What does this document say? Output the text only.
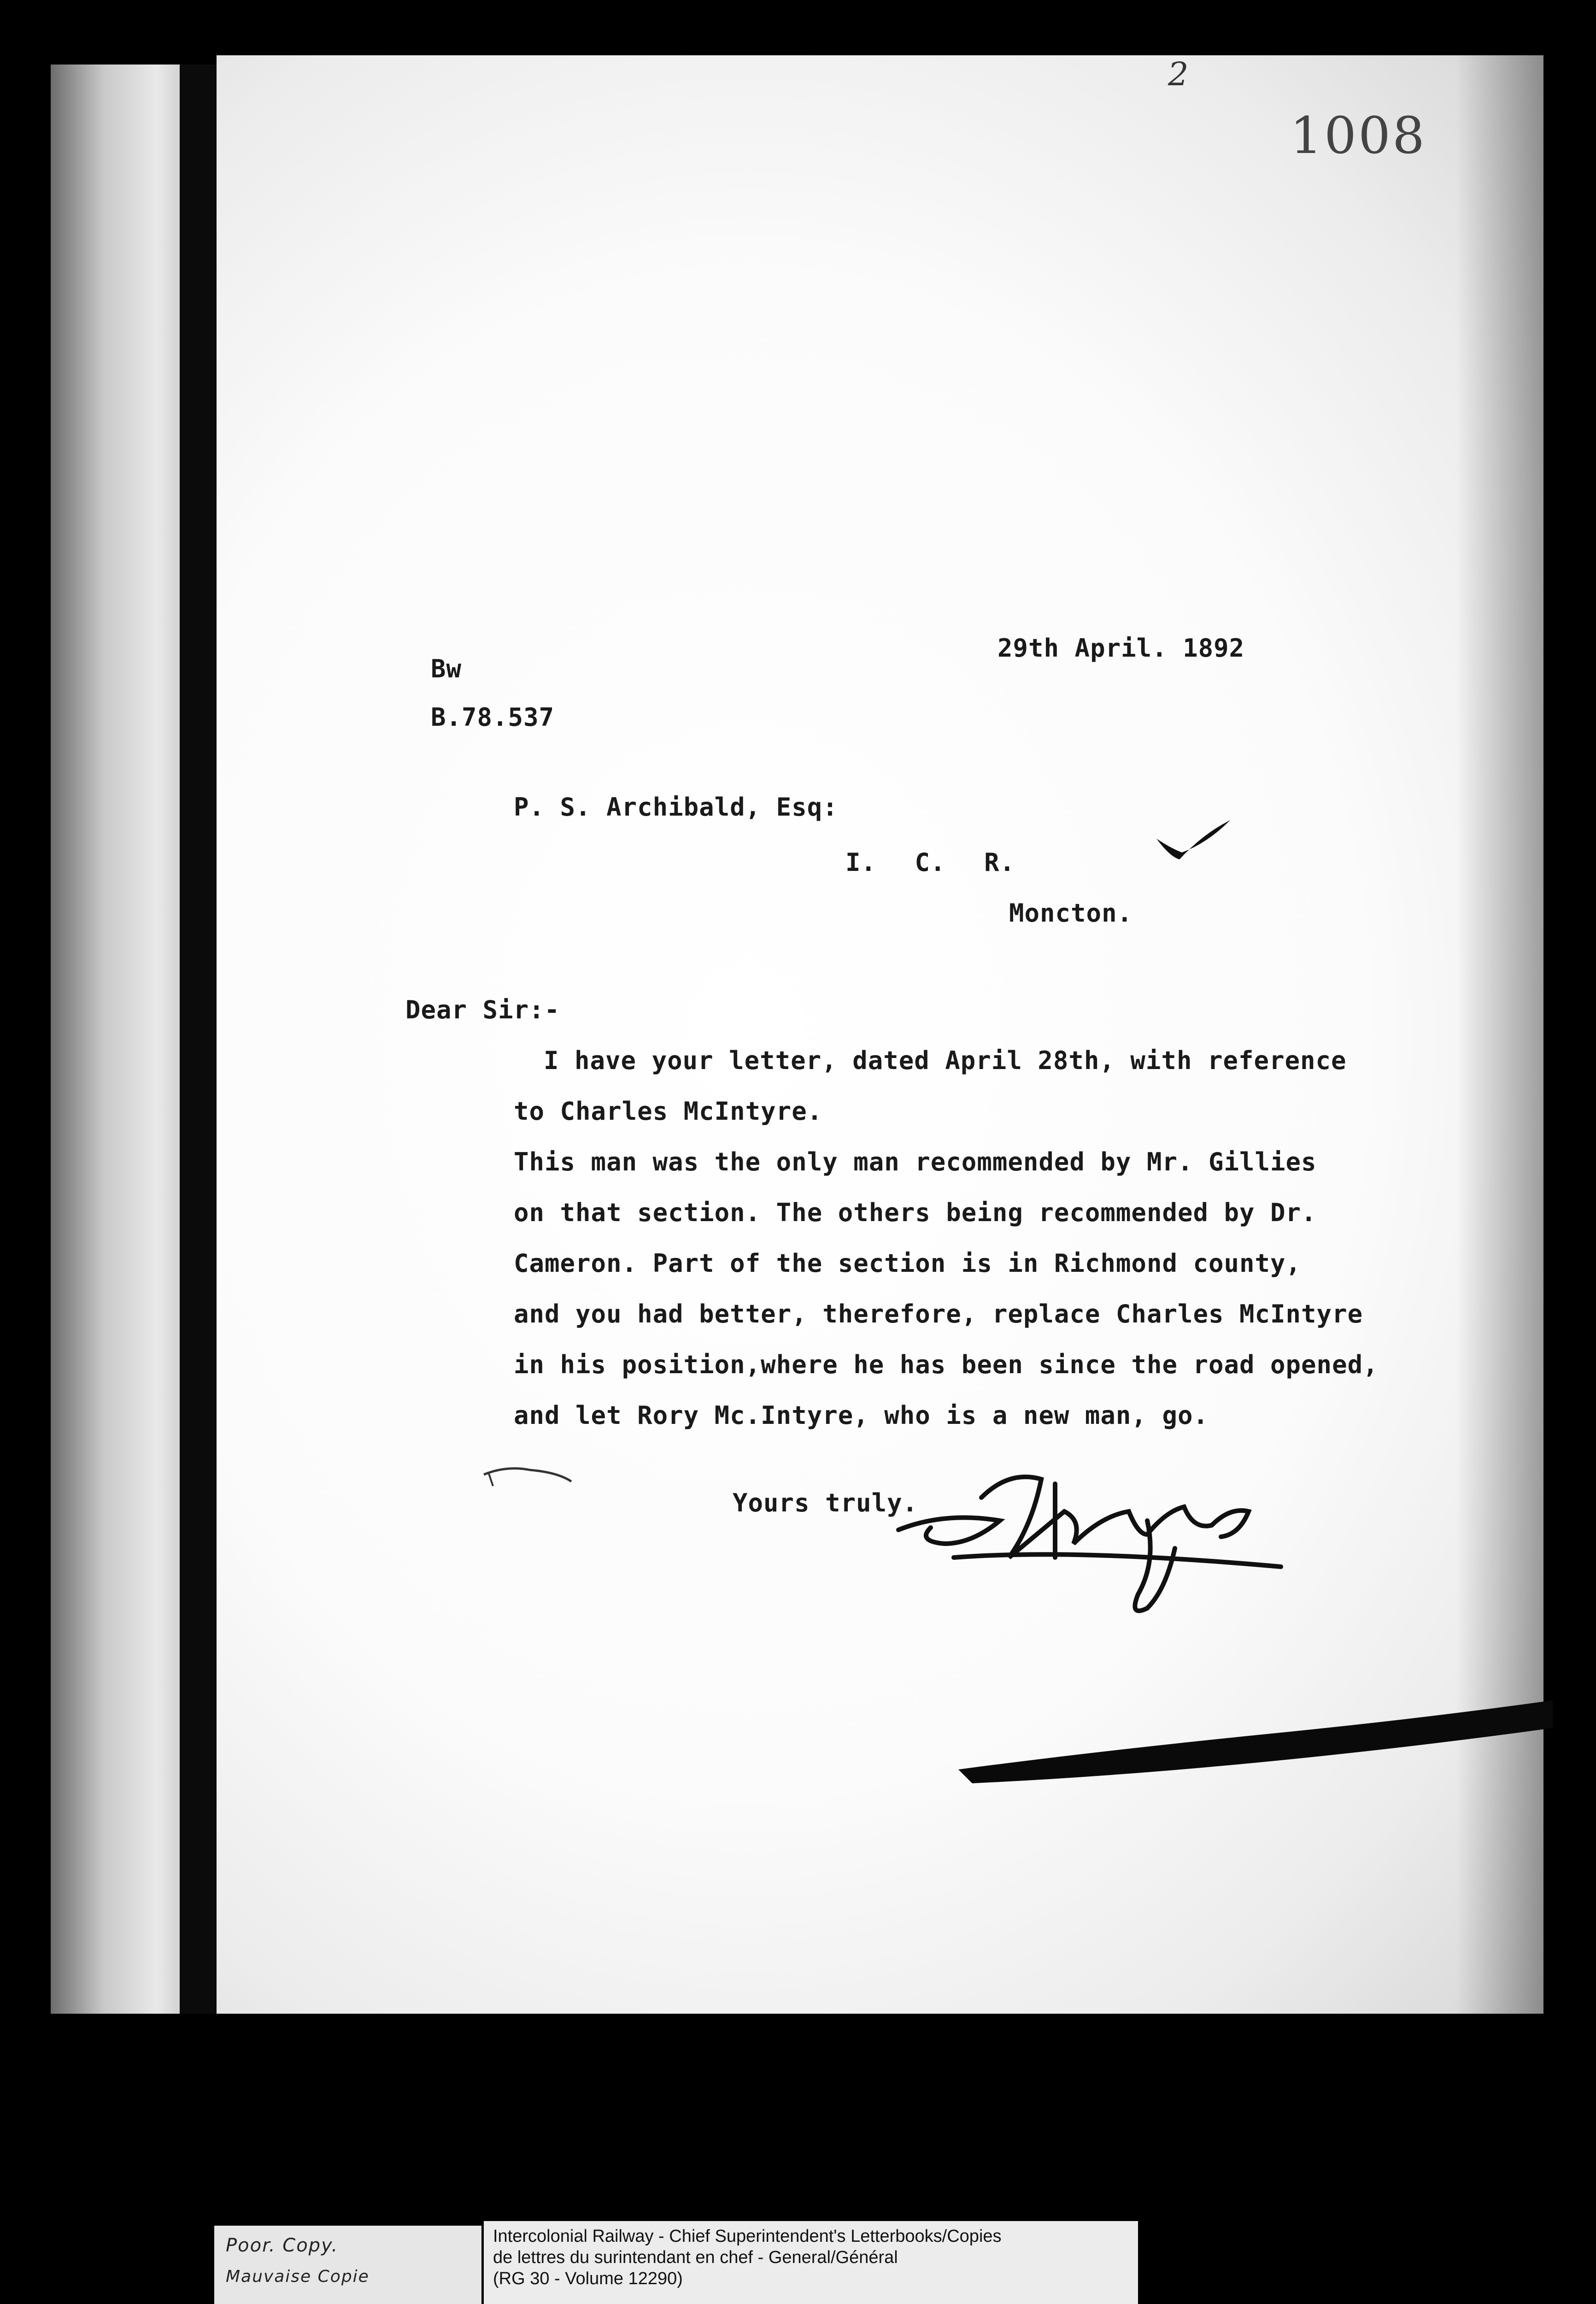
2
1008
29th April. 1892
Bw
B.78.537
P. S. Archibald, Esq:
I. C. R.
Moncton.
Dear Sir:-
I have your letter, dated April 28th, with reference
to Charles McIntyre.
This man was the only man recommended by Mr. Gillies
on that section. The others being recommended by Dr.
Cameron. Part of the section is in Richmond county,
and you had better, therefore, replace Charles McIntyre
in his position,where he has been since the road opened,
and let Rory Mc.Intyre, who is a new man, go.
Yours truly.
Poor. Copy.
Mauvaise Copie
Intercolonial Railway - Chief Superintendent's Letterbooks/Copies
de lettres du surintendant en chef - General/Général
(RG 30 - Volume 12290)
